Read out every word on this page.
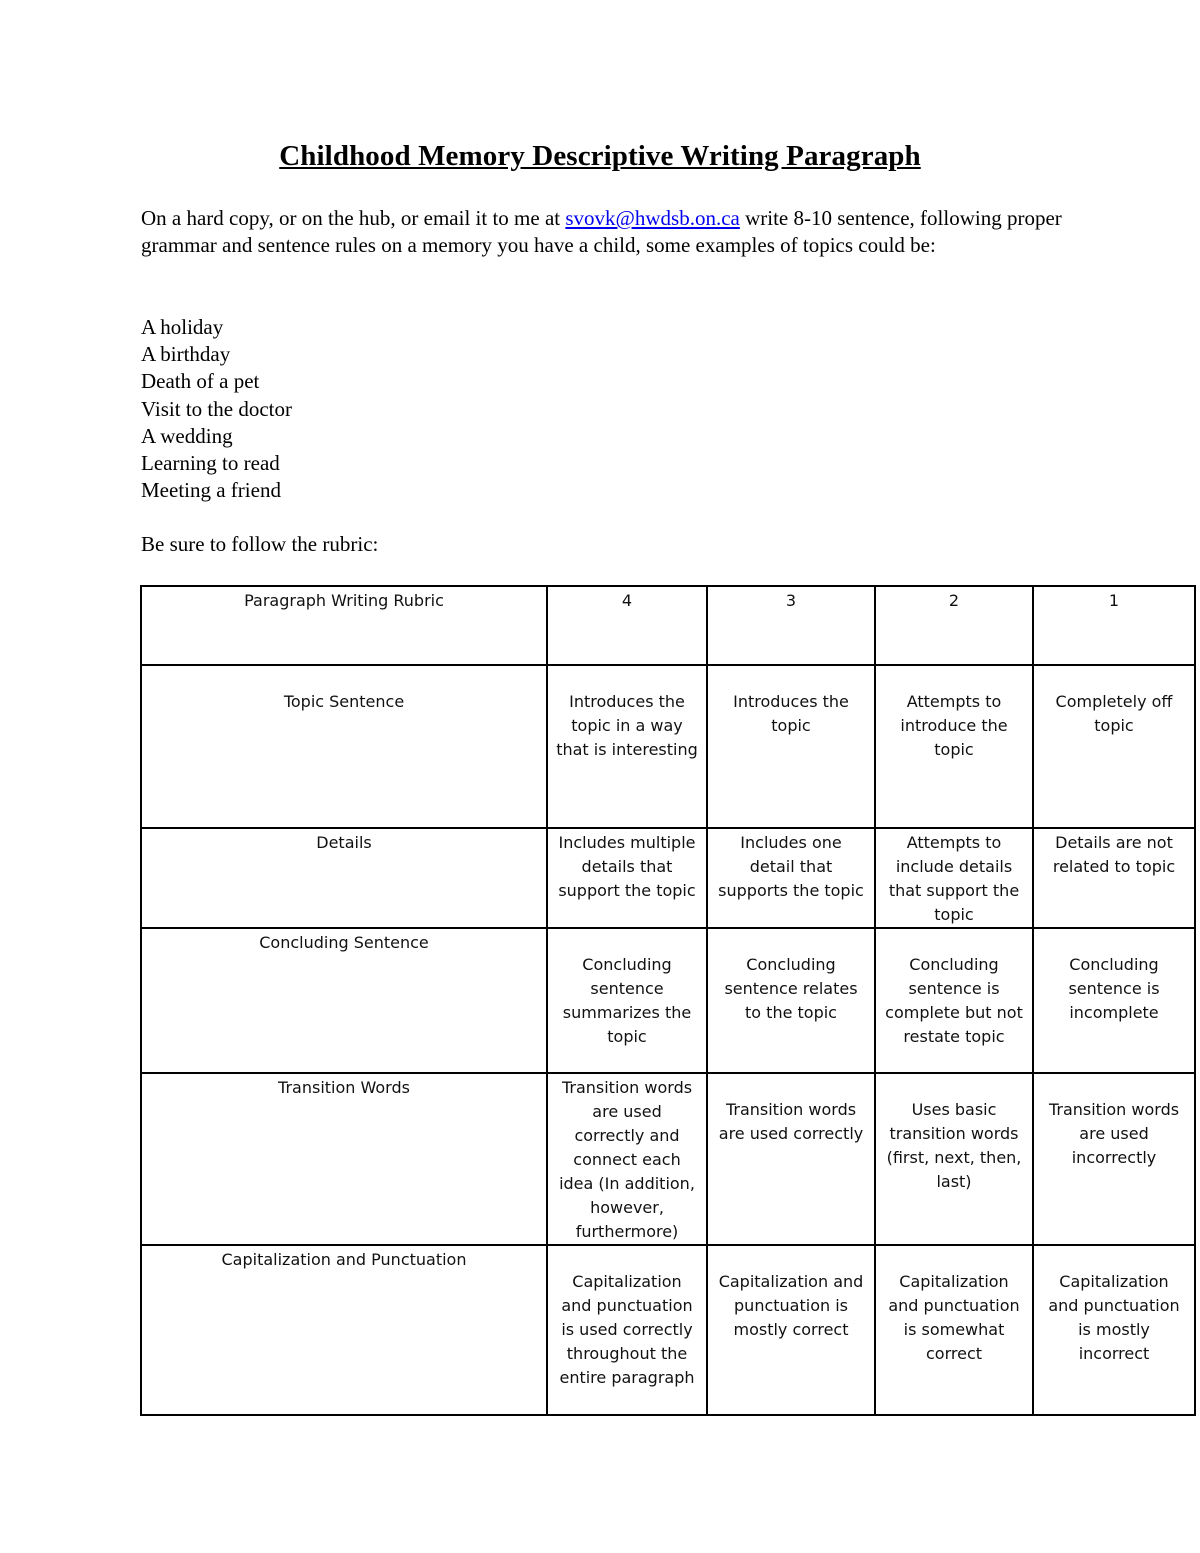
Childhood Memory Descriptive Writing Paragraph
On a hard copy, or on the hub, or email it to me at svovk@hwdsb.on.ca write 8-10 sentence, following proper grammar and sentence rules on a memory you have a child, some examples of topics could be:
A holiday
A birthday
Death of a pet
Visit to the doctor
A wedding
Learning to read
Meeting a friend
Be sure to follow the rubric:
Paragraph Writing Rubric	4	3	2	1
Topic Sentence	Introduces the topic in a way that is interesting	Introduces the topic	Attempts to introduce the topic	Completely off topic
Details	Includes multiple details that support the topic	Includes one detail that supports the topic	Attempts to include details that support the topic	Details are not related to topic
Concluding Sentence	Concluding sentence summarizes the topic	Concluding sentence relates to the topic	Concluding sentence is complete but not restate topic	Concluding sentence is incomplete
Transition Words	Transition words are used correctly and connect each idea (In addition, however, furthermore)	Transition words are used correctly	Uses basic transition words (first, next, then, last)	Transition words are used incorrectly
Capitalization and Punctuation	Capitalization and punctuation is used correctly throughout the entire paragraph	Capitalization and punctuation is mostly correct	Capitalization and punctuation is somewhat correct	Capitalization and punctuation is mostly incorrect
